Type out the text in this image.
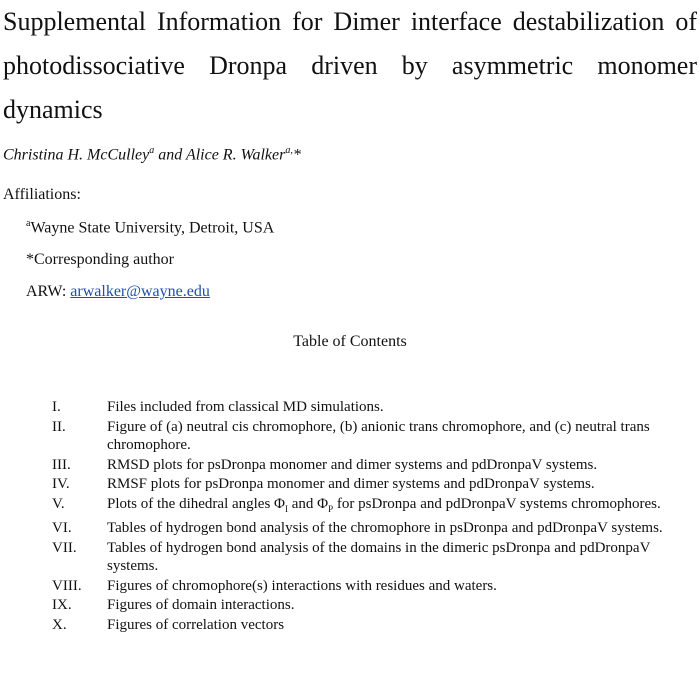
Supplemental Information for Dimer interface destabilization of photodissociative Dronpa driven by asymmetric monomer dynamics
Christina H. McCulley$^a$ and Alice R. Walker$^{a,}$*
Affiliations:
$^a$Wayne State University, Detroit, USA
*Corresponding author
ARW: arwalker@wayne.edu
Table of Contents
I.	Files included from classical MD simulations.
II.	Figure of (a) neutral cis chromophore, (b) anionic trans chromophore, and (c) neutral trans chromophore.
III. RMSD plots for psDronpa monomer and dimer systems and pdDronpaV systems.
IV. RMSF plots for psDronpa monomer and dimer systems and pdDronpaV systems.
V.	Plots of the dihedral angles $\Phi_I$ and $\Phi_P$ for psDronpa and pdDronpaV systems chromophores.
VI. Tables of hydrogen bond analysis of the chromophore in psDronpa and pdDronpaV systems.
VII. Tables of hydrogen bond analysis of the domains in the dimeric psDronpa and pdDronpaV systems.
VIII. Figures of chromophore(s) interactions with residues and waters.
IX. Figures of domain interactions.
X.	Figures of correlation vectors
